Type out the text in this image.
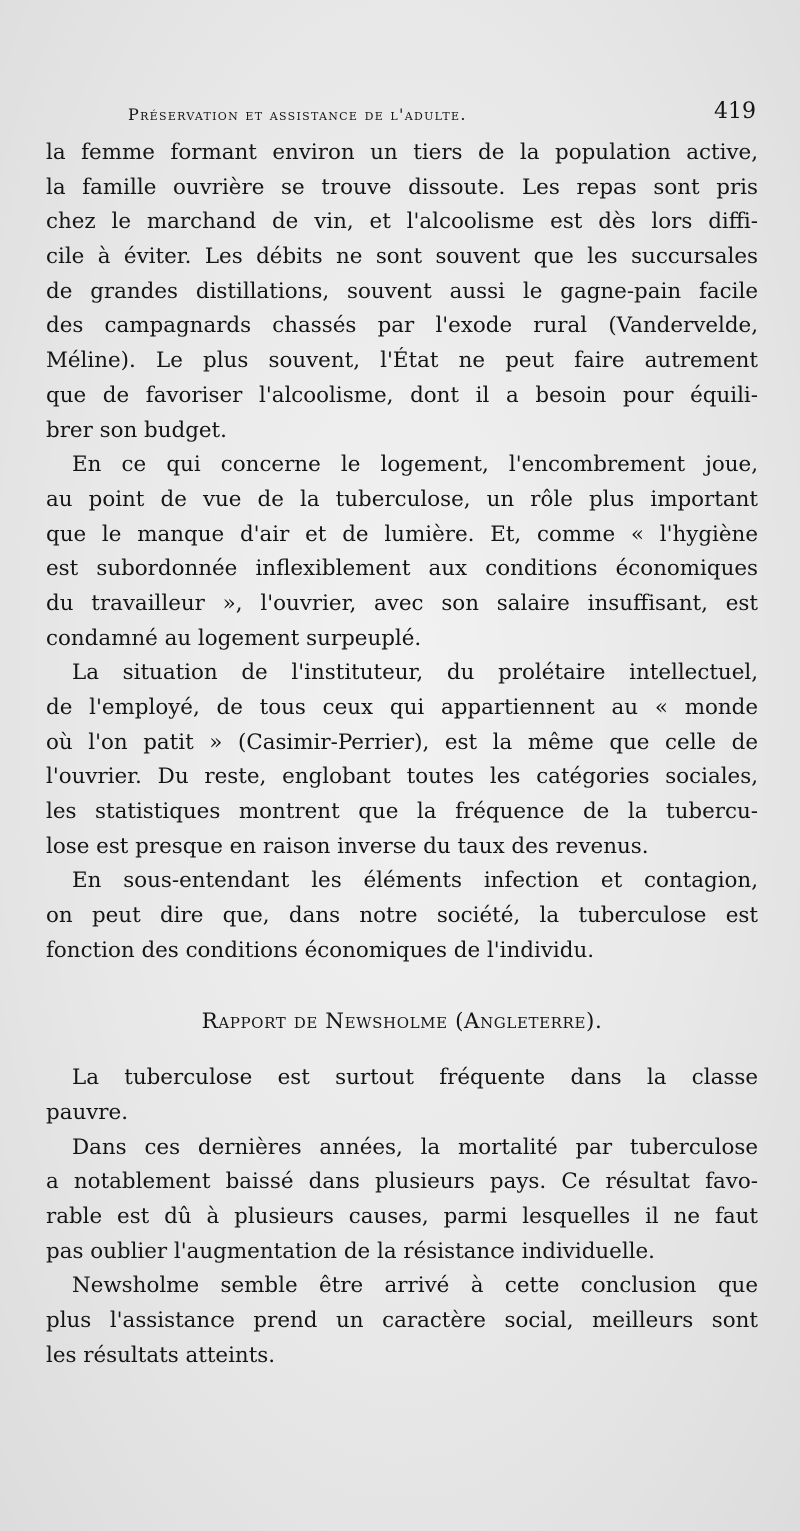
Préservation et assistance de l'adulte.	419
la femme formant environ un tiers de la population active,
la famille ouvrière se trouve dissoute. Les repas sont pris
chez le marchand de vin, et l'alcoolisme est dès lors diffi-
cile à éviter. Les débits ne sont souvent que les succursales
de grandes distillations, souvent aussi le gagne-pain facile
des campagnards chassés par l'exode rural (Vandervelde,
Méline). Le plus souvent, l'État ne peut faire autrement
que de favoriser l'alcoolisme, dont il a besoin pour équili-
brer son budget.
En ce qui concerne le logement, l'encombrement joue,
au point de vue de la tuberculose, un rôle plus important
que le manque d'air et de lumière. Et, comme « l'hygiène
est subordonnée inflexiblement aux conditions économiques
du travailleur », l'ouvrier, avec son salaire insuffisant, est
condamné au logement surpeuplé.
La situation de l'instituteur, du prolétaire intellectuel,
de l'employé, de tous ceux qui appartiennent au « monde
où l'on patit » (Casimir-Perrier), est la même que celle de
l'ouvrier. Du reste, englobant toutes les catégories sociales,
les statistiques montrent que la fréquence de la tubercu-
lose est presque en raison inverse du taux des revenus.
En sous-entendant les éléments infection et contagion,
on peut dire que, dans notre société, la tuberculose est
fonction des conditions économiques de l'individu.
Rapport de Newsholme (Angleterre).
La tuberculose est surtout fréquente dans la classe
pauvre.
Dans ces dernières années, la mortalité par tuberculose
a notablement baissé dans plusieurs pays. Ce résultat favo-
rable est dû à plusieurs causes, parmi lesquelles il ne faut
pas oublier l'augmentation de la résistance individuelle.
Newsholme semble être arrivé à cette conclusion que
plus l'assistance prend un caractère social, meilleurs sont
les résultats atteints.
